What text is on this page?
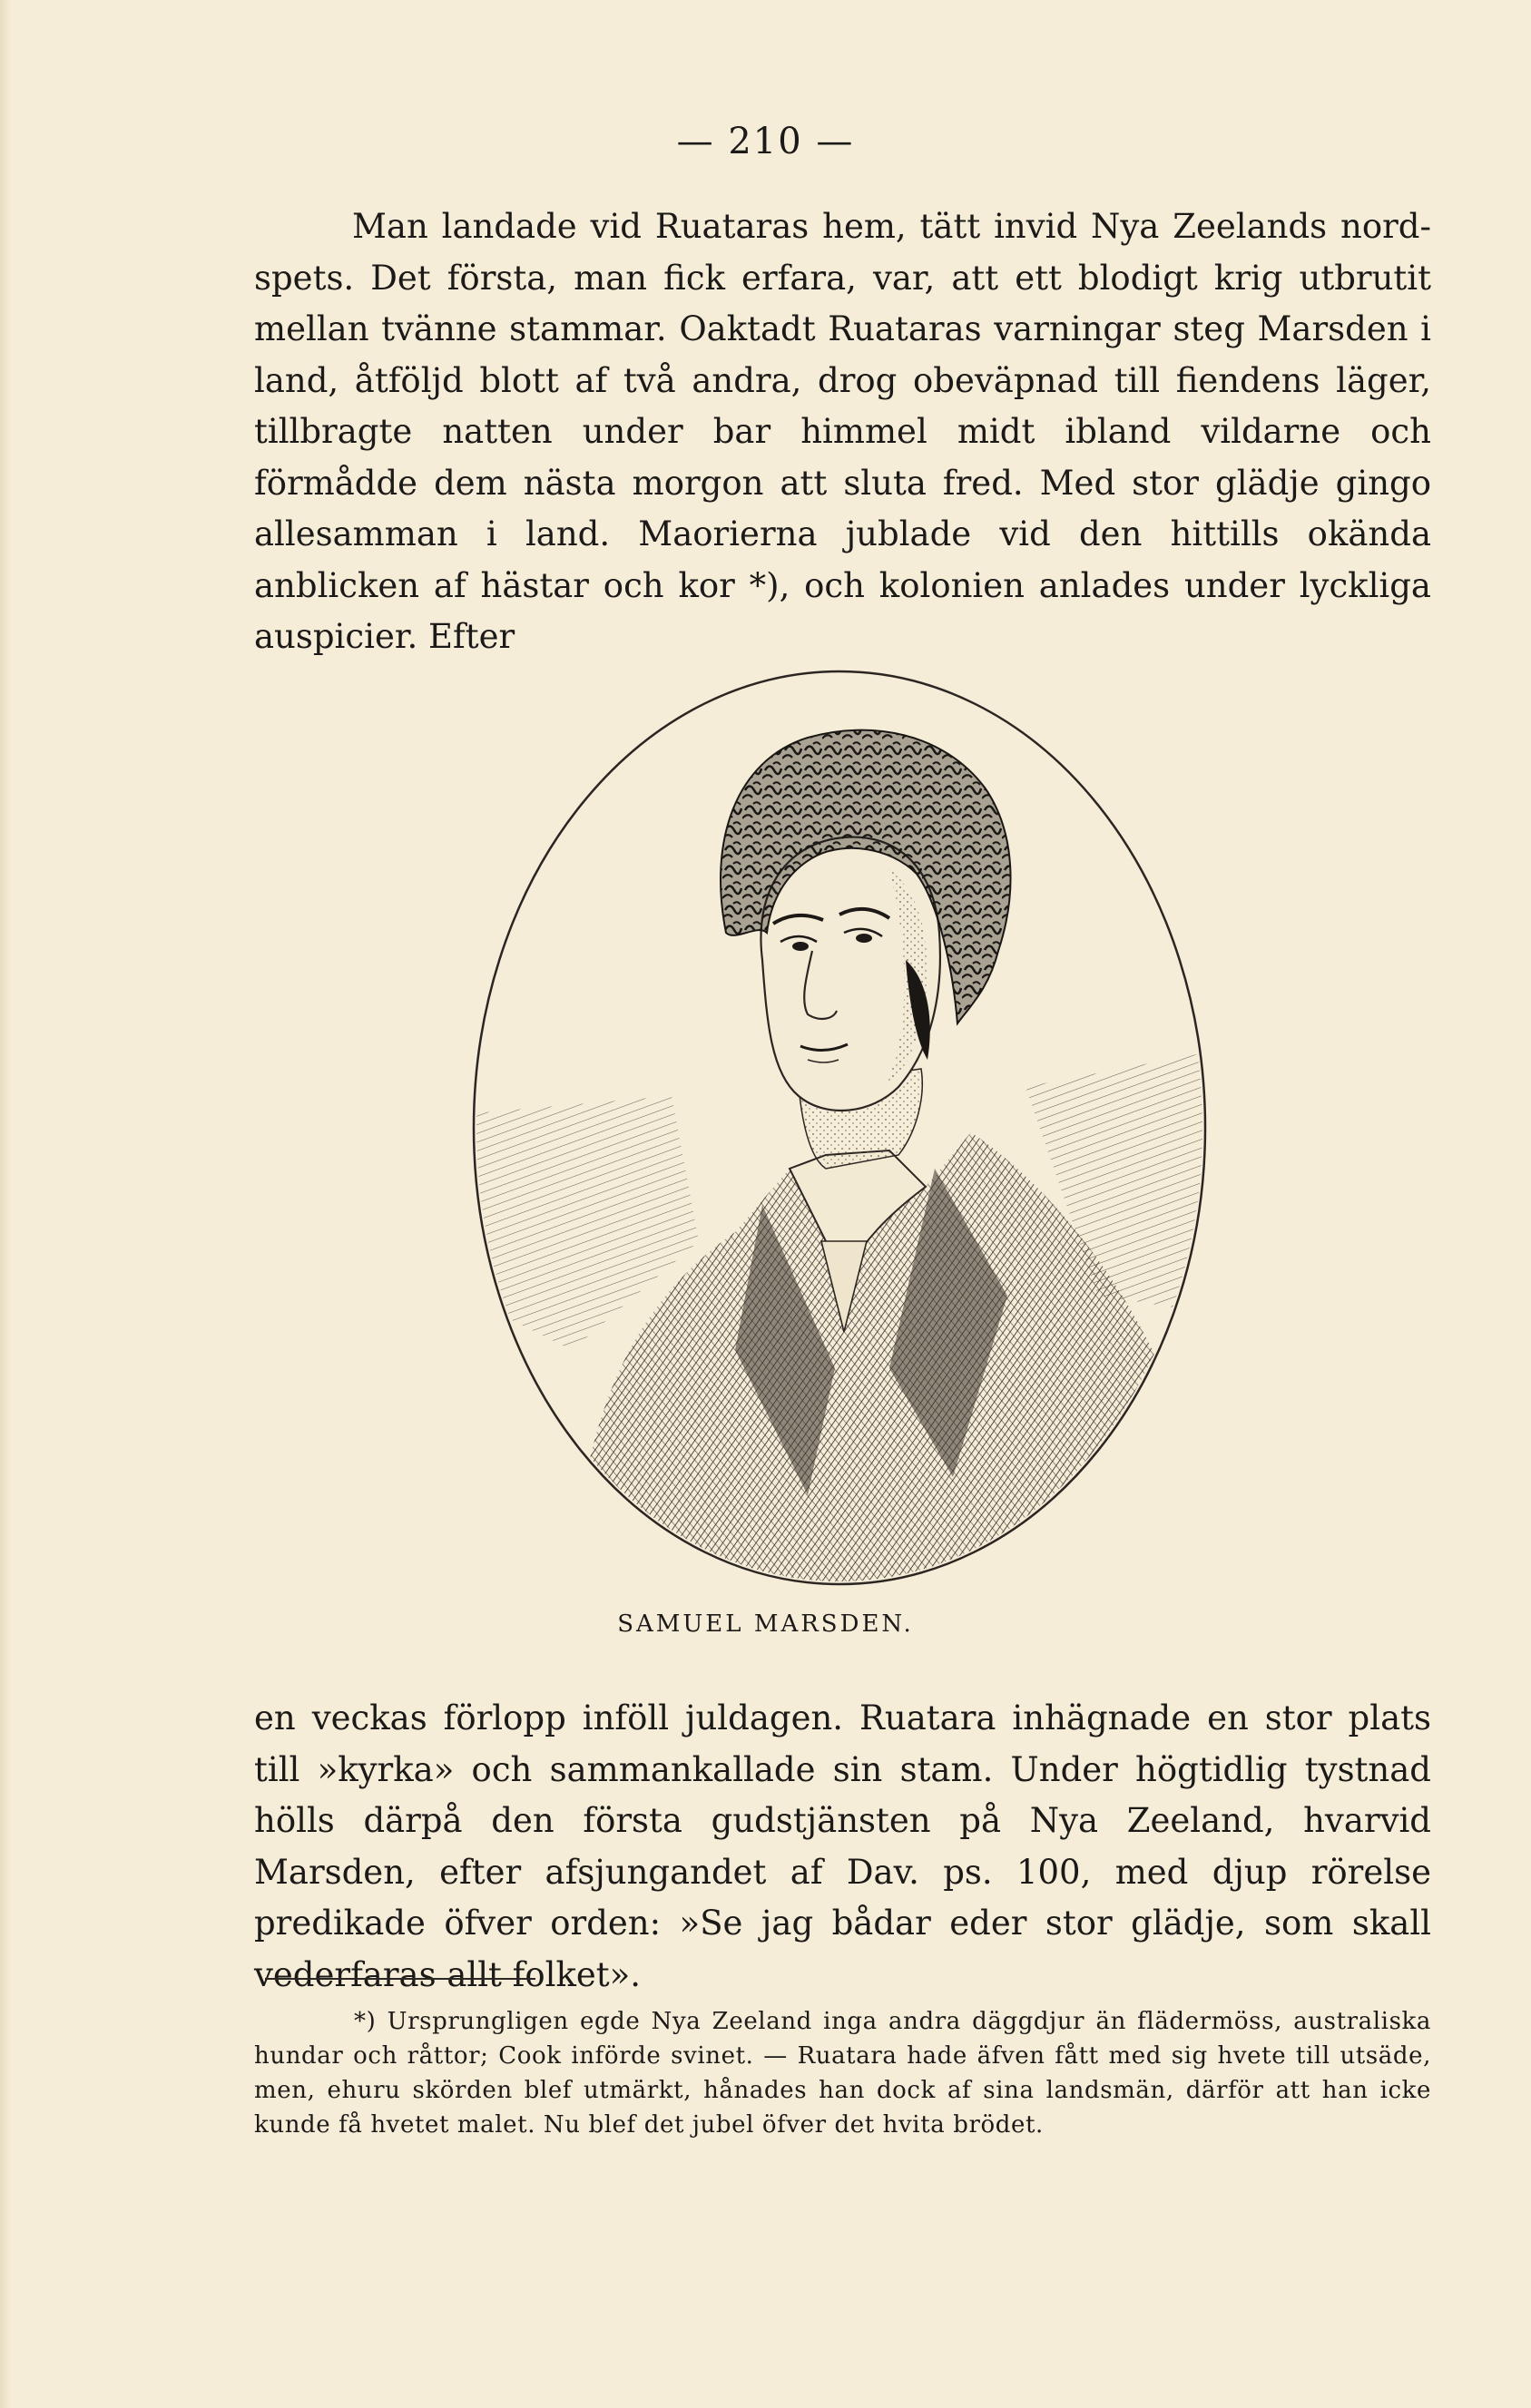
— 210 —

Man landade vid Ruataras hem, tätt invid Nya Zeelands nordspets. Det första, man fick erfara, var, att ett blodigt krig utbrutit mellan tvänne stammar. Oaktadt Ruataras varningar steg Marsden i land, åtföljd blott af två andra, drog obeväpnad till fiendens läger, tillbragte natten under bar himmel midt ibland vildarne och förmådde dem nästa morgon att sluta fred. Med stor glädje gingo allesamman i land. Maorierna jublade vid den hittills okända anblicken af hästar och kor *), och kolonien anlades under lyckliga auspicier. Efter

SAMUEL MARSDEN.

en veckas förlopp inföll juldagen. Ruatara inhägnade en stor plats till »kyrka» och sammankallade sin stam. Under högtidlig tystnad hölls därpå den första gudstjänsten på Nya Zeeland, hvarvid Marsden, efter afsjungandet af Dav. ps. 100, med djup rörelse predikade öfver orden: »Se jag bådar eder stor glädje, som skall vederfaras allt folket».

*) Ursprungligen egde Nya Zeeland inga andra däggdjur än flädermöss, australiska hundar och råttor; Cook införde svinet. — Ruatara hade äfven fått med sig hvete till utsäde, men, ehuru skörden blef utmärkt, hånades han dock af sina landsmän, därför att han icke kunde få hvetet malet. Nu blef det jubel öfver det hvita brödet.
